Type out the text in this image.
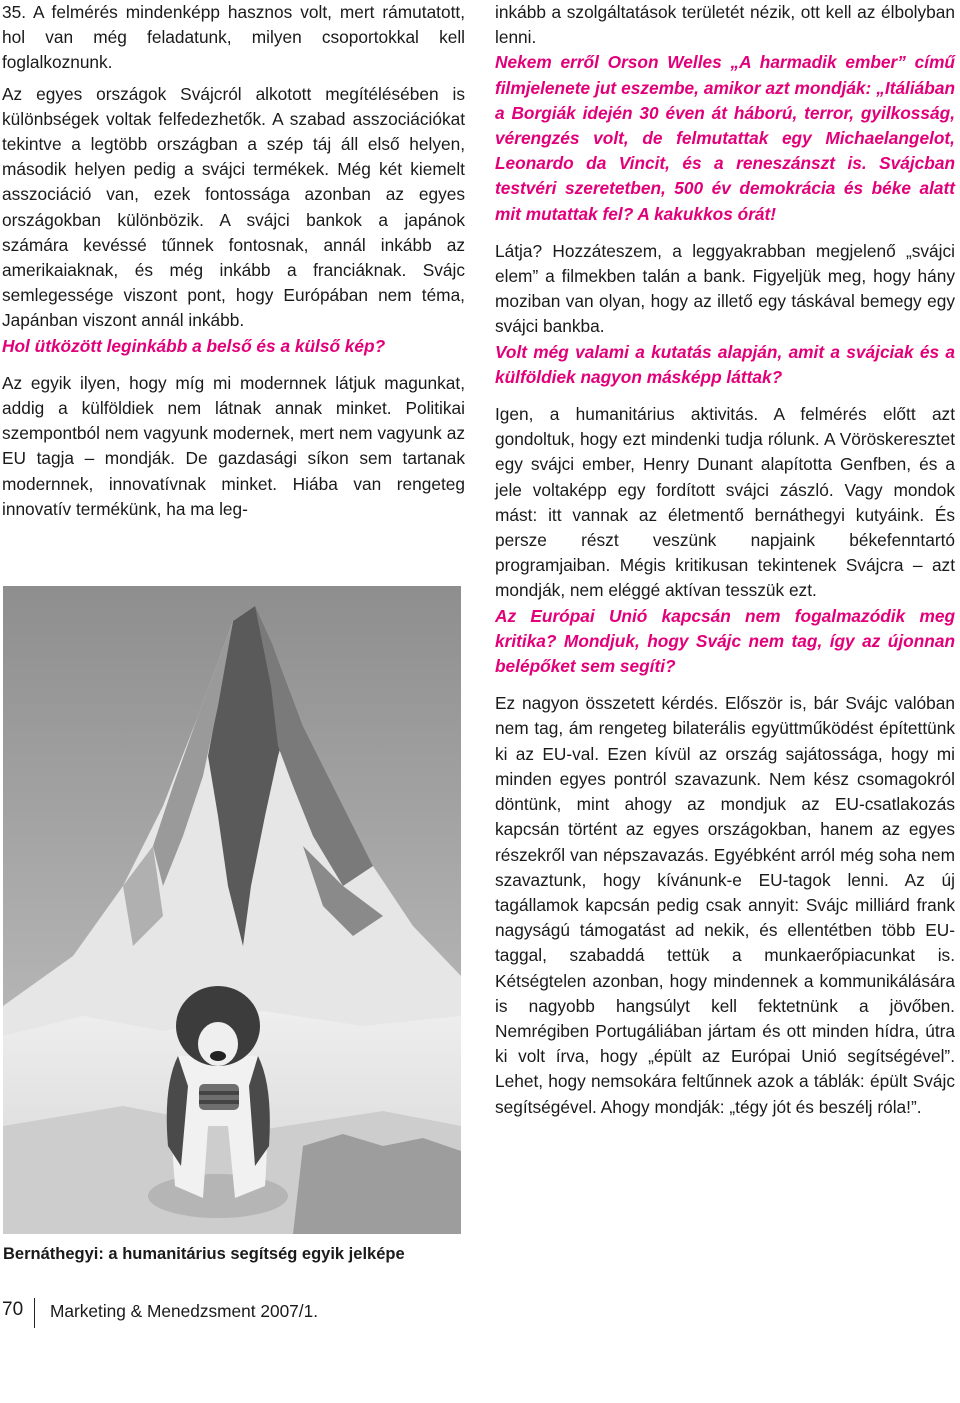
35. A felmérés mindenképp hasznos volt, mert rámutatott, hol van még feladatunk, milyen csoportokkal kell foglalkoznunk.

Az egyes országok Svájcról alkotott megítélésében is különbségek voltak felfedezhetők. A szabad asszociációkat tekintve a legtöbb országban a szép táj áll első helyen, második helyen pedig a svájci termékek. Még két kiemelt asszociáció van, ezek fontossága azonban az egyes országokban különbözik. A svájci bankok a japánok számára kevéssé tűnnek fontosnak, annál inkább az amerikaiaknak, és még inkább a franciáknak. Svájc semlegessége viszont pont, hogy Európában nem téma, Japánban viszont annál inkább.

Hol ütközött leginkább a belső és a külső kép?

Az egyik ilyen, hogy míg mi modernnek látjuk magunkat, addig a külföldiek nem látnak annak minket. Politikai szempontból nem vagyunk modernek, mert nem vagyunk az EU tagja – mondják. De gazdasági síkon sem tartanak modernnek, innovatívnak minket. Hiába van rengeteg innovatív termékünk, ha ma leg-

Bernáthegyi: a humanitárius segítség egyik jelképe

inkább a szolgáltatások területét nézik, ott kell az élbolyban lenni.

Nekem erről Orson Welles „A harmadik ember” című filmjelenete jut eszembe, amikor azt mondják: „Itáliában a Borgiák idején 30 éven át háború, terror, gyilkosság, vérengzés volt, de felmutattak egy Michaelangelot, Leonardo da Vincit, és a reneszánszt is. Svájcban testvéri szeretetben, 500 év demokrácia és béke alatt mit mutattak fel? A kakukkos órát!

Látja? Hozzáteszem, a leggyakrabban megjelenő „svájci elem” a filmekben talán a bank. Figyeljük meg, hogy hány moziban van olyan, hogy az illető egy táskával bemegy egy svájci bankba.

Volt még valami a kutatás alapján, amit a svájciak és a külföldiek nagyon másképp láttak?

Igen, a humanitárius aktivitás. A felmérés előtt azt gondoltuk, hogy ezt mindenki tudja rólunk. A Vöröskeresztet egy svájci ember, Henry Dunant alapította Genfben, és a jele voltaképp egy fordított svájci zászló. Vagy mondok mást: itt vannak az életmentő bernáthegyi kutyáink. És persze részt veszünk napjaink békefenntartó programjaiban. Mégis kritikusan tekintenek Svájcra – azt mondják, nem eléggé aktívan tesszük ezt.

Az Európai Unió kapcsán nem fogalmazódik meg kritika? Mondjuk, hogy Svájc nem tag, így az újonnan belépőket sem segíti?

Ez nagyon összetett kérdés. Először is, bár Svájc valóban nem tag, ám rengeteg bilaterális együttműködést építettünk ki az EU-val. Ezen kívül az ország sajátossága, hogy mi minden egyes pontról szavazunk. Nem kész csomagokról döntünk, mint ahogy az mondjuk az EU-csatlakozás kapcsán történt az egyes országokban, hanem az egyes részekről van népszavazás. Egyébként arról még soha nem szavaztunk, hogy kívánunk-e EU-tagok lenni. Az új tagállamok kapcsán pedig csak annyit: Svájc milliárd frank nagyságú támogatást ad nekik, és ellentétben több EU-taggal, szabaddá tettük a munkaerőpiacunkat is. Kétségtelen azonban, hogy mindennek a kommunikálására is nagyobb hangsúlyt kell fektetnünk a jövőben. Nemrégiben Portugáliában jártam és ott minden hídra, útra ki volt írva, hogy „épült az Európai Unió segítségével”. Lehet, hogy nemsokára feltűnnek azok a táblák: épült Svájc segítségével. Ahogy mondják: „tégy jót és beszélj róla!”.

70 Marketing & Menedzsment 2007/1.
